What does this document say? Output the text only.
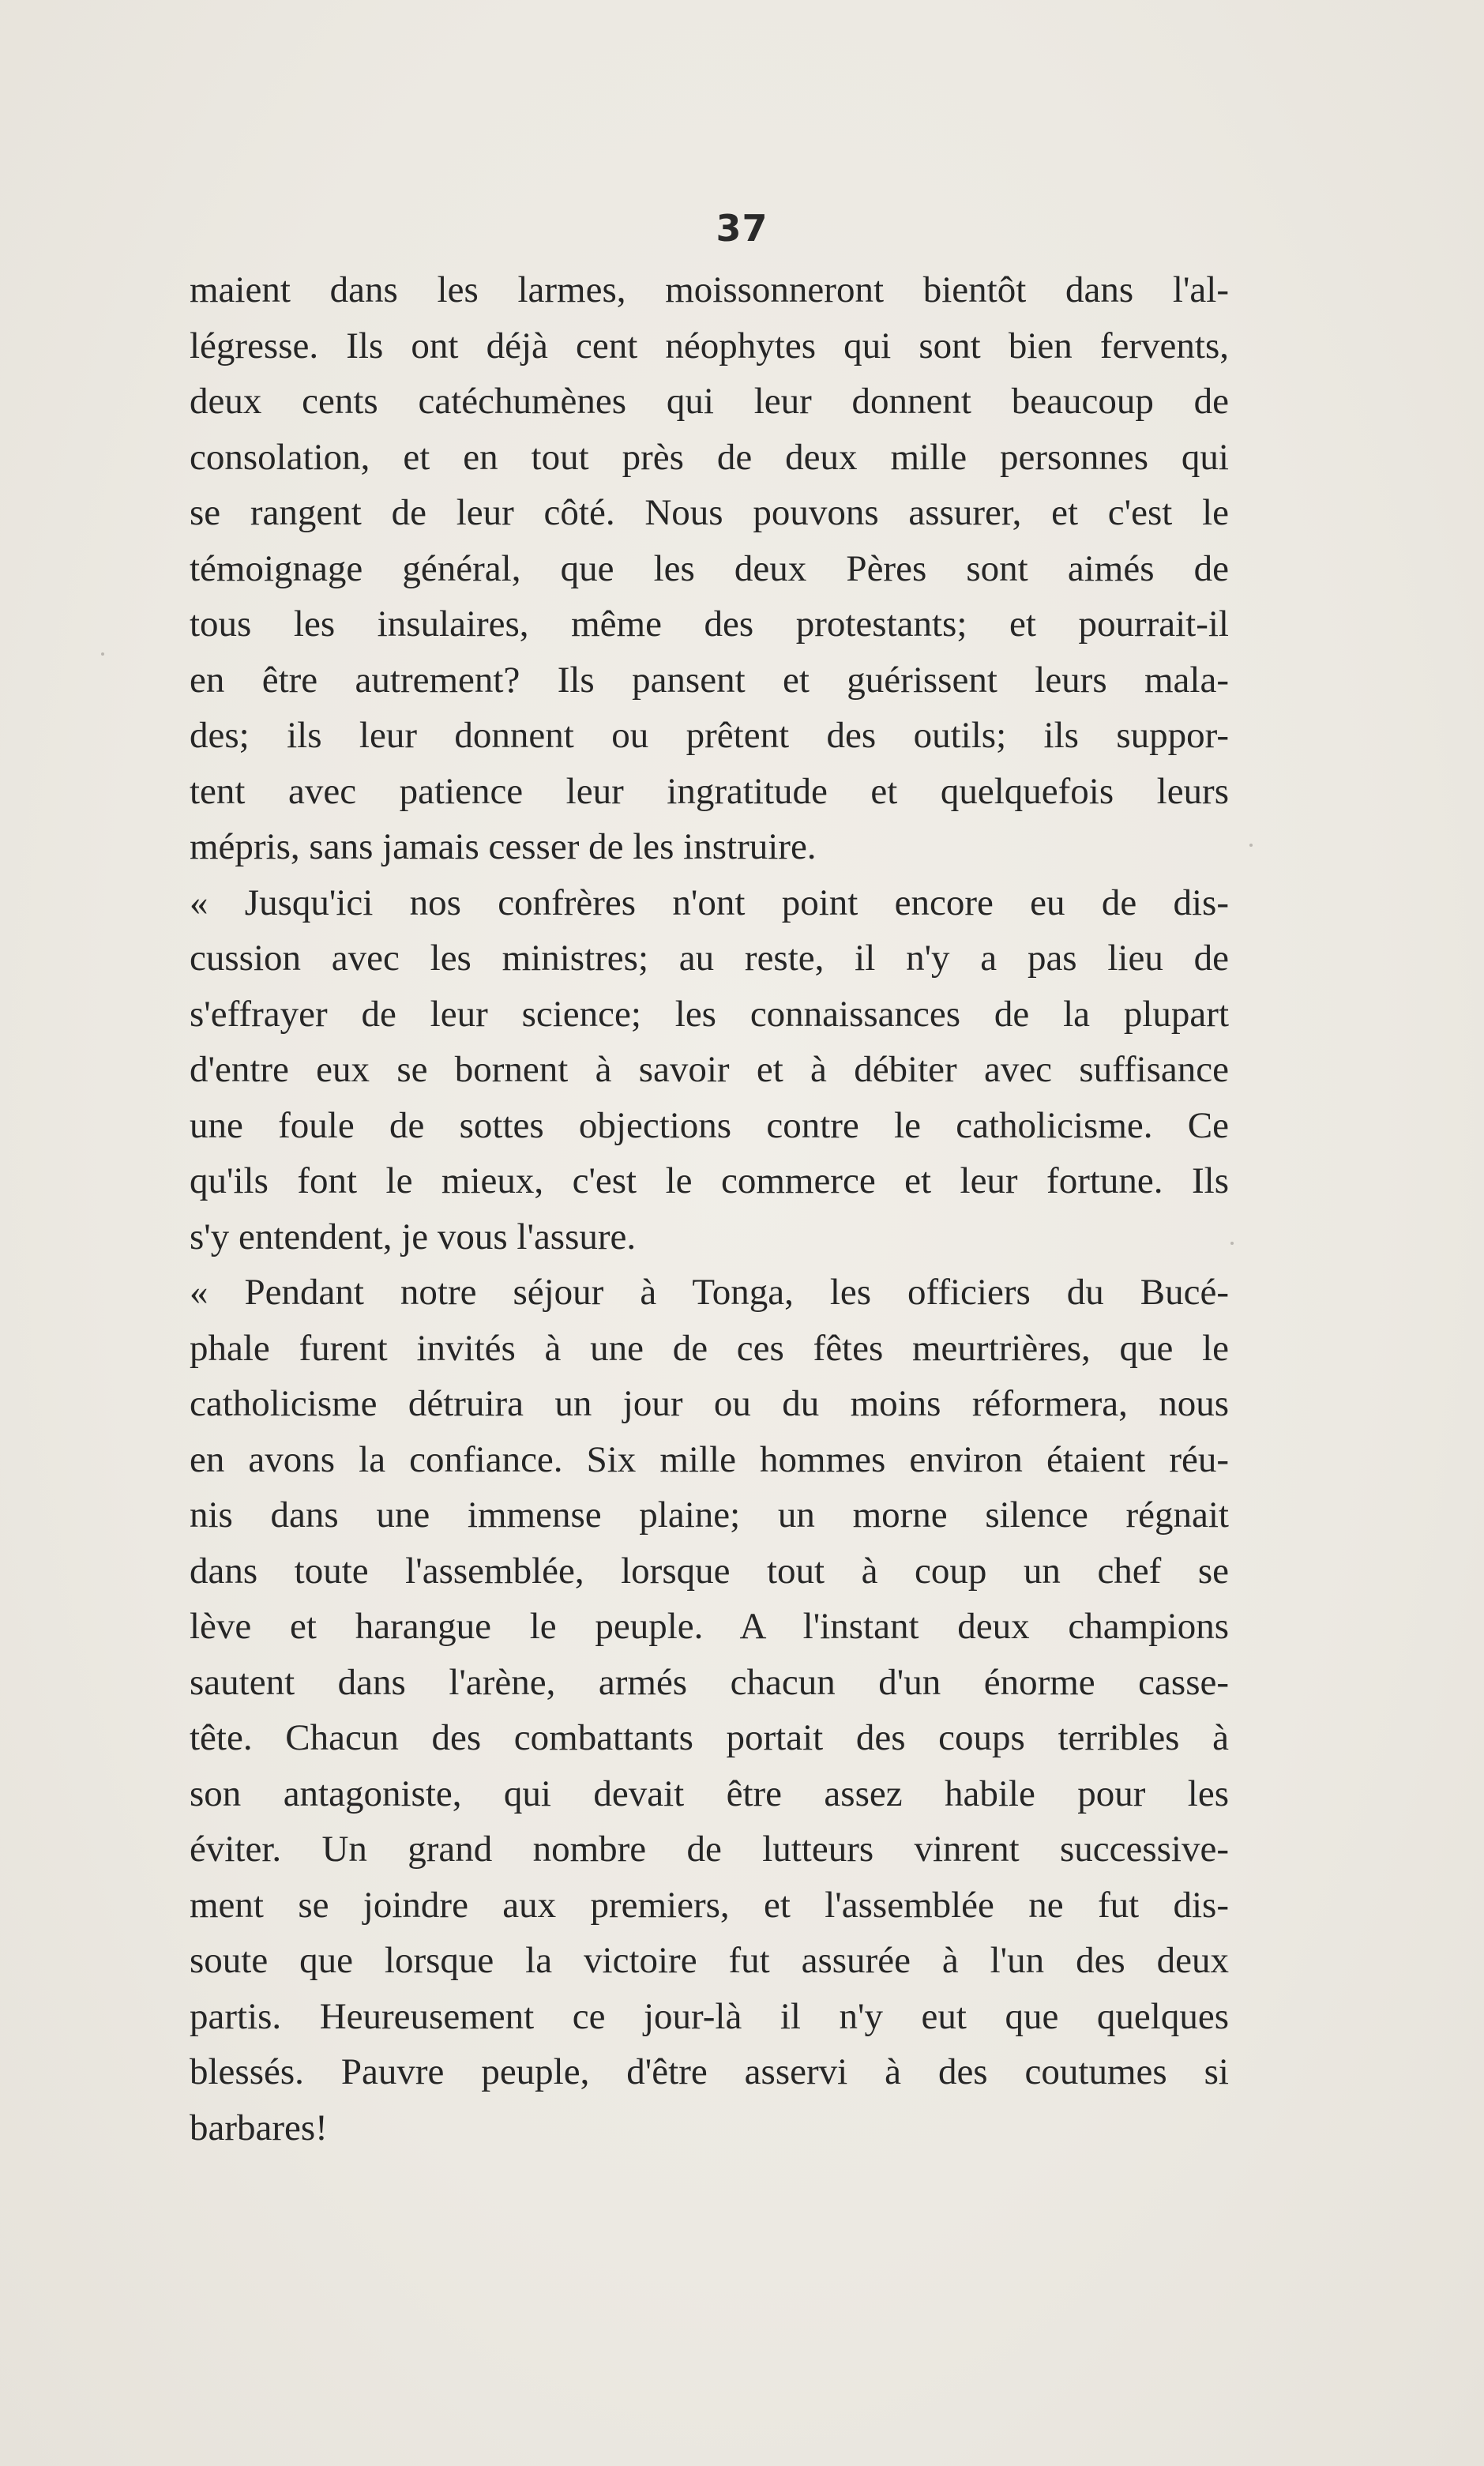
37
maient dans les larmes, moissonneront bientôt dans l'al-
légresse. Ils ont déjà cent néophytes qui sont bien fervents,
deux cents catéchumènes qui leur donnent beaucoup de
consolation, et en tout près de deux mille personnes qui
se rangent de leur côté. Nous pouvons assurer, et c'est le
témoignage général, que les deux Pères sont aimés de
tous les insulaires, même des protestants; et pourrait-il
en être autrement? Ils pansent et guérissent leurs mala-
des; ils leur donnent ou prêtent des outils; ils suppor-
tent avec patience leur ingratitude et quelquefois leurs
mépris, sans jamais cesser de les instruire.
« Jusqu'ici nos confrères n'ont point encore eu de dis-
cussion avec les ministres; au reste, il n'y a pas lieu de
s'effrayer de leur science; les connaissances de la plupart
d'entre eux se bornent à savoir et à débiter avec suffisance
une foule de sottes objections contre le catholicisme. Ce
qu'ils font le mieux, c'est le commerce et leur fortune. Ils
s'y entendent, je vous l'assure.
« Pendant notre séjour à Tonga, les officiers du Bucé-
phale furent invités à une de ces fêtes meurtrières, que le
catholicisme détruira un jour ou du moins réformera, nous
en avons la confiance. Six mille hommes environ étaient réu-
nis dans une immense plaine; un morne silence régnait
dans toute l'assemblée, lorsque tout à coup un chef se
lève et harangue le peuple. A l'instant deux champions
sautent dans l'arène, armés chacun d'un énorme casse-
tête. Chacun des combattants portait des coups terribles à
son antagoniste, qui devait être assez habile pour les
éviter. Un grand nombre de lutteurs vinrent successive-
ment se joindre aux premiers, et l'assemblée ne fut dis-
soute que lorsque la victoire fut assurée à l'un des deux
partis. Heureusement ce jour-là il n'y eut que quelques
blessés. Pauvre peuple, d'être asservi à des coutumes si
barbares!
